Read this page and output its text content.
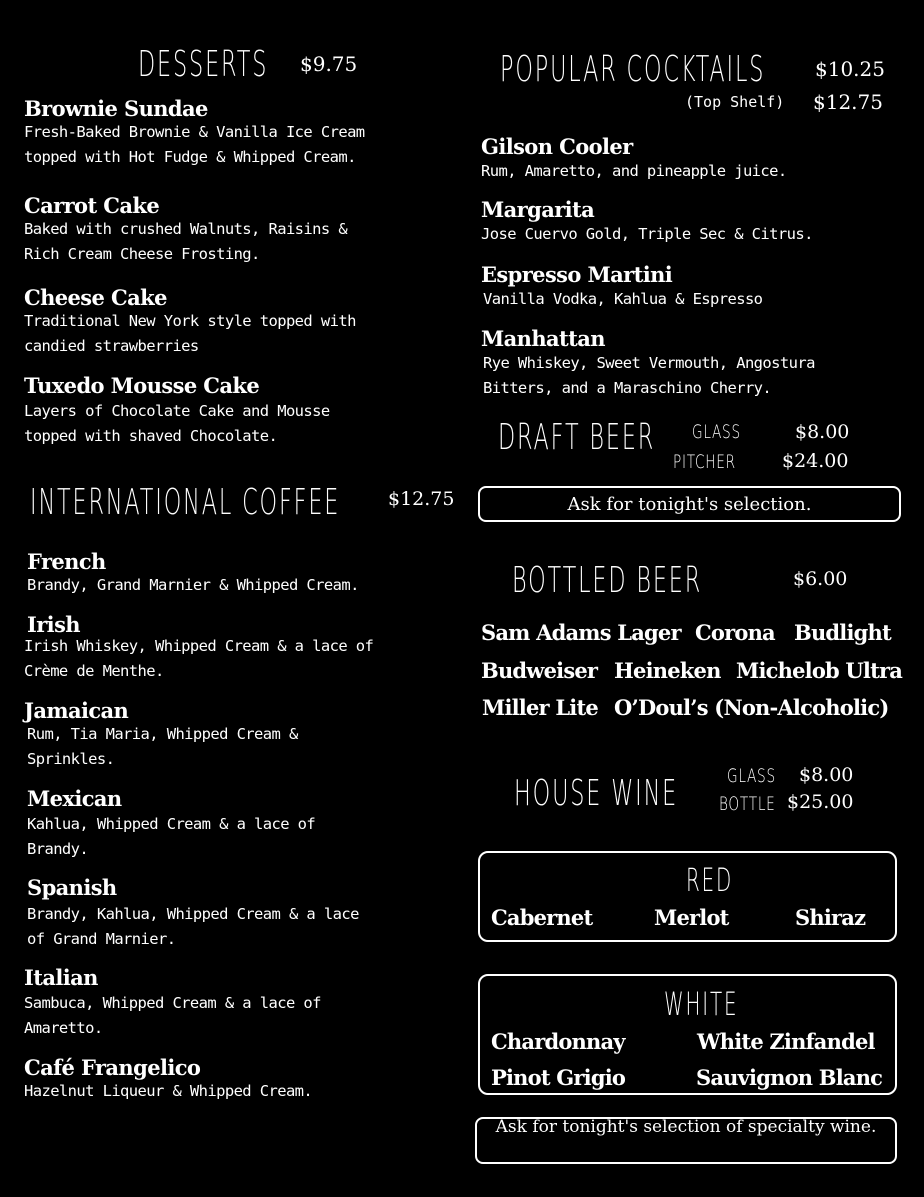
DESSERTS $9.75
Brownie Sundae
Fresh-Baked Brownie & Vanilla Ice Cream
topped with Hot Fudge & Whipped Cream.
Carrot Cake
Baked with crushed Walnuts, Raisins &
Rich Cream Cheese Frosting.
Cheese Cake
Traditional New York style topped with
candied strawberries
Tuxedo Mousse Cake
Layers of Chocolate Cake and Mousse
topped with shaved Chocolate.
INTERNATIONAL COFFEE	$12.75
French
Brandy, Grand Marnier & Whipped Cream.
Irish
Irish Whiskey, Whipped Cream & a lace of
Crème de Menthe.
Jamaican
Rum, Tia Maria, Whipped Cream &
Sprinkles.
Mexican
Kahlua, Whipped Cream & a lace of
Brandy.
Spanish
Brandy, Kahlua, Whipped Cream & a lace
of Grand Marnier.
Italian
Sambuca, Whipped Cream & a lace of
Amaretto.
Café Frangelico
Hazelnut Liqueur & Whipped Cream.
POPULAR COCKTAILS $10.25
(Top Shelf) $12.75
Gilson Cooler
Rum, Amaretto, and pineapple juice.
Margarita
Jose Cuervo Gold, Triple Sec & Citrus.
Espresso Martini
Vanilla Vodka, Kahlua & Espresso
Manhattan
Rye Whiskey, Sweet Vermouth, Angostura
Bitters, and a Maraschino Cherry.
DRAFT BEER GLASS	$8.00
PITCHER $24.00
Ask for tonight's selection.
BOTTLED BEER	$6.00
Sam Adams Lager Corona Budlight
Budweiser Heineken Michelob Ultra
Miller Lite O’Doul’s (Non-Alcoholic)
HOUSE WINE	GLASS $8.00
BOTTLE $25.00
RED
Cabernet	Merlot	Shiraz
WHITE
Chardonnay	White Zinfandel
Pinot Grigio	Sauvignon Blanc
Ask for tonight's selection of specialty wine.
